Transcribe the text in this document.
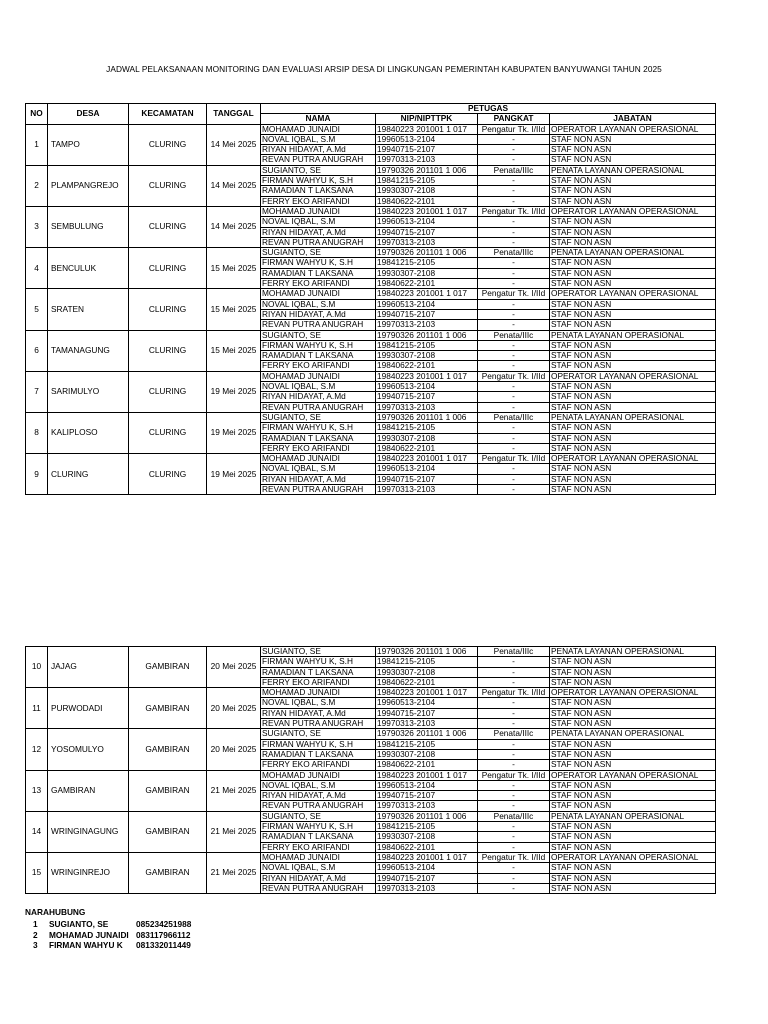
JADWAL PELAKSANAAN MONITORING DAN EVALUASI ARSIP DESA DI LINGKUNGAN PEMERINTAH KABUPATEN BANYUWANGI TAHUN 2025
NO	DESA	KECAMATAN	TANGGAL	PETUGAS			
				NAMA	NIP/NIPTTPK	PANGKAT	JABATAN
1	TAMPO	CLURING	14 Mei 2025	MOHAMAD JUNAIDI	19840223 201001 1 017	Pengatur Tk. I/IId	OPERATOR LAYANAN OPERASIONAL
				NOVAL IQBAL, S.M	19960513-2104	-	STAF NON ASN
				RIYAN HIDAYAT, A.Md	19940715-2107	-	STAF NON ASN
				REVAN PUTRA ANUGRAH	19970313-2103	-	STAF NON ASN
2	PLAMPANGREJO	CLURING	14 Mei 2025	SUGIANTO, SE	19790326 201101 1 006	Penata/IIIc	PENATA LAYANAN OPERASIONAL
				FIRMAN WAHYU K, S.H	19841215-2105	-	STAF NON ASN
				RAMADIAN T LAKSANA	19930307-2108	-	STAF NON ASN
				FERRY EKO ARIFANDI	19840622-2101	-	STAF NON ASN
3	SEMBULUNG	CLURING	14 Mei 2025	MOHAMAD JUNAIDI	19840223 201001 1 017	Pengatur Tk. I/IId	OPERATOR LAYANAN OPERASIONAL
				NOVAL IQBAL, S.M	19960513-2104	-	STAF NON ASN
				RIYAN HIDAYAT, A.Md	19940715-2107	-	STAF NON ASN
				REVAN PUTRA ANUGRAH	19970313-2103	-	STAF NON ASN
4	BENCULUK	CLURING	15 Mei 2025	SUGIANTO, SE	19790326 201101 1 006	Penata/IIIc	PENATA LAYANAN OPERASIONAL
				FIRMAN WAHYU K, S.H	19841215-2105	-	STAF NON ASN
				RAMADIAN T LAKSANA	19930307-2108	-	STAF NON ASN
				FERRY EKO ARIFANDI	19840622-2101	-	STAF NON ASN
5	SRATEN	CLURING	15 Mei 2025	MOHAMAD JUNAIDI	19840223 201001 1 017	Pengatur Tk. I/IId	OPERATOR LAYANAN OPERASIONAL
				NOVAL IQBAL, S.M	19960513-2104	-	STAF NON ASN
				RIYAN HIDAYAT, A.Md	19940715-2107	-	STAF NON ASN
				REVAN PUTRA ANUGRAH	19970313-2103	-	STAF NON ASN
6	TAMANAGUNG	CLURING	15 Mei 2025	SUGIANTO, SE	19790326 201101 1 006	Penata/IIIc	PENATA LAYANAN OPERASIONAL
				FIRMAN WAHYU K, S.H	19841215-2105	-	STAF NON ASN
				RAMADIAN T LAKSANA	19930307-2108	-	STAF NON ASN
				FERRY EKO ARIFANDI	19840622-2101	-	STAF NON ASN
7	SARIMULYO	CLURING	19 Mei 2025	MOHAMAD JUNAIDI	19840223 201001 1 017	Pengatur Tk. I/IId	OPERATOR LAYANAN OPERASIONAL
				NOVAL IQBAL, S.M	19960513-2104	-	STAF NON ASN
				RIYAN HIDAYAT, A.Md	19940715-2107	-	STAF NON ASN
				REVAN PUTRA ANUGRAH	19970313-2103	-	STAF NON ASN
8	KALIPLOSO	CLURING	19 Mei 2025	SUGIANTO, SE	19790326 201101 1 006	Penata/IIIc	PENATA LAYANAN OPERASIONAL
				FIRMAN WAHYU K, S.H	19841215-2105	-	STAF NON ASN
				RAMADIAN T LAKSANA	19930307-2108	-	STAF NON ASN
				FERRY EKO ARIFANDI	19840622-2101	-	STAF NON ASN
9	CLURING	CLURING	19 Mei 2025	MOHAMAD JUNAIDI	19840223 201001 1 017	Pengatur Tk. I/IId	OPERATOR LAYANAN OPERASIONAL
				NOVAL IQBAL, S.M	19960513-2104	-	STAF NON ASN
				RIYAN HIDAYAT, A.Md	19940715-2107	-	STAF NON ASN
				REVAN PUTRA ANUGRAH	19970313-2103	-	STAF NON ASN
10	JAJAG	GAMBIRAN	20 Mei 2025	SUGIANTO, SE	19790326 201101 1 006	Penata/IIIc	PENATA LAYANAN OPERASIONAL
				FIRMAN WAHYU K, S.H	19841215-2105	-	STAF NON ASN
				RAMADIAN T LAKSANA	19930307-2108	-	STAF NON ASN
				FERRY EKO ARIFANDI	19840622-2101	-	STAF NON ASN
11	PURWODADI	GAMBIRAN	20 Mei 2025	MOHAMAD JUNAIDI	19840223 201001 1 017	Pengatur Tk. I/IId	OPERATOR LAYANAN OPERASIONAL
				NOVAL IQBAL, S.M	19960513-2104	-	STAF NON ASN
				RIYAN HIDAYAT, A.Md	19940715-2107	-	STAF NON ASN
				REVAN PUTRA ANUGRAH	19970313-2103	-	STAF NON ASN
12	YOSOMULYO	GAMBIRAN	20 Mei 2025	SUGIANTO, SE	19790326 201101 1 006	Penata/IIIc	PENATA LAYANAN OPERASIONAL
				FIRMAN WAHYU K, S.H	19841215-2105	-	STAF NON ASN
				RAMADIAN T LAKSANA	19930307-2108	-	STAF NON ASN
				FERRY EKO ARIFANDI	19840622-2101	-	STAF NON ASN
13	GAMBIRAN	GAMBIRAN	21 Mei 2025	MOHAMAD JUNAIDI	19840223 201001 1 017	Pengatur Tk. I/IId	OPERATOR LAYANAN OPERASIONAL
				NOVAL IQBAL, S.M	19960513-2104	-	STAF NON ASN
				RIYAN HIDAYAT, A.Md	19940715-2107	-	STAF NON ASN
				REVAN PUTRA ANUGRAH	19970313-2103	-	STAF NON ASN
14	WRINGINAGUNG	GAMBIRAN	21 Mei 2025	SUGIANTO, SE	19790326 201101 1 006	Penata/IIIc	PENATA LAYANAN OPERASIONAL
				FIRMAN WAHYU K, S.H	19841215-2105	-	STAF NON ASN
				RAMADIAN T LAKSANA	19930307-2108	-	STAF NON ASN
				FERRY EKO ARIFANDI	19840622-2101	-	STAF NON ASN
15	WRINGINREJO	GAMBIRAN	21 Mei 2025	MOHAMAD JUNAIDI	19840223 201001 1 017	Pengatur Tk. I/IId	OPERATOR LAYANAN OPERASIONAL
				NOVAL IQBAL, S.M	19960513-2104	-	STAF NON ASN
				RIYAN HIDAYAT, A.Md	19940715-2107	-	STAF NON ASN
				REVAN PUTRA ANUGRAH	19970313-2103	-	STAF NON ASN
NARAHUBUNG
1 SUGIANTO, SE	085234251988
2 MOHAMAD JUNAIDI 083117966112
3 FIRMAN WAHYU K 081332011449
